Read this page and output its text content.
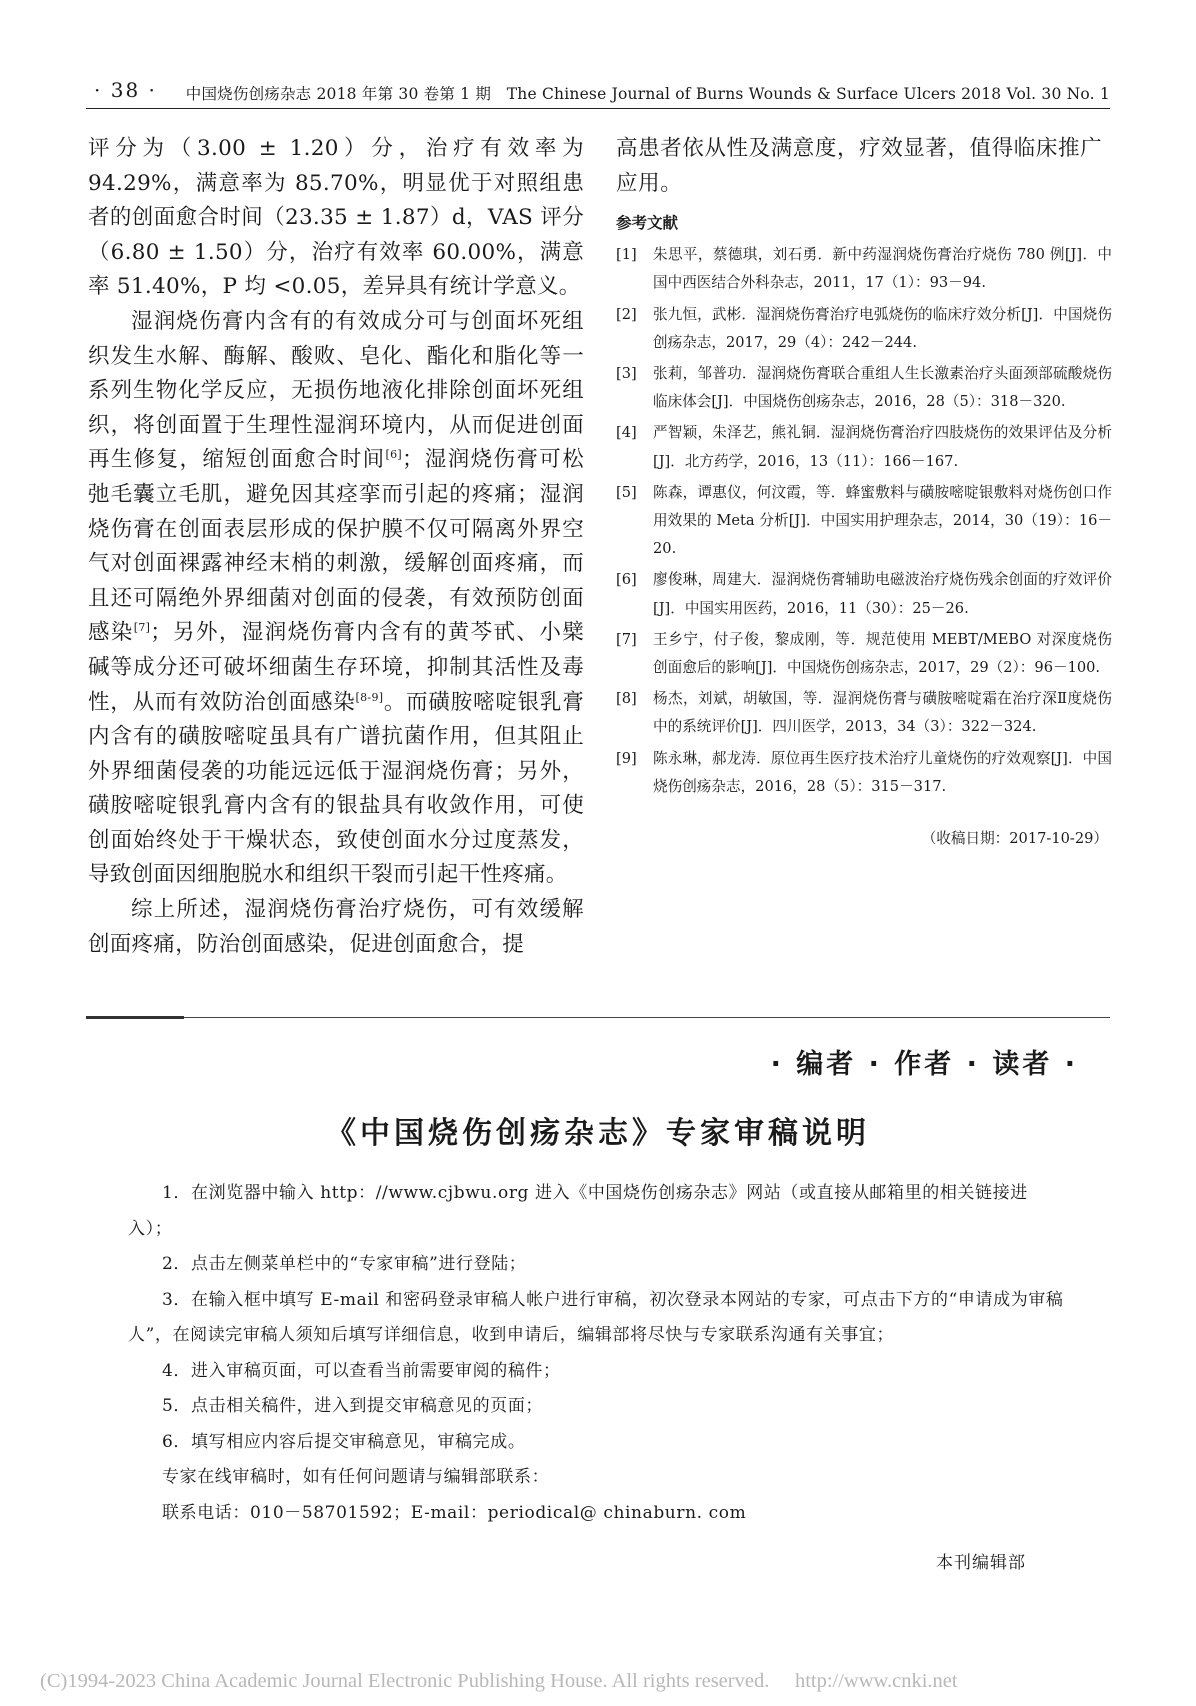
· 38 · 中国烧伤创疡杂志 2018 年第 30 卷第 1 期　The Chinese Journal of Burns Wounds & Surface Ulcers 2018 Vol. 30 No. 1

评分为（3.00 ± 1.20）分，治疗有效率为 94.29%，满意率为 85.70%，明显优于对照组患者的创面愈合时间（23.35 ± 1.87）d，VAS 评分（6.80 ± 1.50）分，治疗有效率 60.00%，满意率 51.40%，P 均 <0.05，差异具有统计学意义。

湿润烧伤膏内含有的有效成分可与创面坏死组织发生水解、酶解、酸败、皂化、酯化和脂化等一系列生物化学反应，无损伤地液化排除创面坏死组织，将创面置于生理性湿润环境内，从而促进创面再生修复，缩短创面愈合时间[6]；湿润烧伤膏可松弛毛囊立毛肌，避免因其痉挛而引起的疼痛；湿润烧伤膏在创面表层形成的保护膜不仅可隔离外界空气对创面裸露神经末梢的刺激，缓解创面疼痛，而且还可隔绝外界细菌对创面的侵袭，有效预防创面感染[7]；另外，湿润烧伤膏内含有的黄芩甙、小檗碱等成分还可破坏细菌生存环境，抑制其活性及毒性，从而有效防治创面感染[8-9]。而磺胺嘧啶银乳膏内含有的磺胺嘧啶虽具有广谱抗菌作用，但其阻止外界细菌侵袭的功能远远低于湿润烧伤膏；另外，磺胺嘧啶银乳膏内含有的银盐具有收敛作用，可使创面始终处于干燥状态，致使创面水分过度蒸发，导致创面因细胞脱水和组织干裂而引起干性疼痛。

综上所述，湿润烧伤膏治疗烧伤，可有效缓解创面疼痛，防治创面感染，促进创面愈合，提

高患者依从性及满意度，疗效显著，值得临床推广应用。

参考文献
[1] 朱思平，蔡德琪，刘石勇．新中药湿润烧伤膏治疗烧伤 780 例[J]．中国中西医结合外科杂志，2011，17（1）：93－94.
[2] 张九恒，武彬．湿润烧伤膏治疗电弧烧伤的临床疗效分析[J]．中国烧伤创疡杂志，2017，29（4）：242－244.
[3] 张莉，邹普功．湿润烧伤膏联合重组人生长激素治疗头面颈部硫酸烧伤临床体会[J]．中国烧伤创疡杂志，2016，28（5）：318－320.
[4] 严智颖，朱泽艺，熊礼铜．湿润烧伤膏治疗四肢烧伤的效果评估及分析[J]．北方药学，2016，13（11）：166－167.
[5] 陈森，谭惠仪，何汶霞，等．蜂蜜敷料与磺胺嘧啶银敷料对烧伤创口作用效果的 Meta 分析[J]．中国实用护理杂志，2014，30（19）：16－20.
[6] 廖俊琳，周建大．湿润烧伤膏辅助电磁波治疗烧伤残余创面的疗效评价[J]．中国实用医药，2016，11（30）：25－26.
[7] 王乡宁，付子俊，黎成刚，等．规范使用 MEBT/MEBO 对深度烧伤创面愈后的影响[J]．中国烧伤创疡杂志，2017，29（2）：96－100.
[8] 杨杰，刘斌，胡敏国，等．湿润烧伤膏与磺胺嘧啶霜在治疗深Ⅱ度烧伤中的系统评价[J]．四川医学，2013，34（3）：322－324.
[9] 陈永琳，郝龙涛．原位再生医疗技术治疗儿童烧伤的疗效观察[J]．中国烧伤创疡杂志，2016，28（5）：315－317.
（收稿日期：2017-10-29）
· 编者 · 作者 · 读者 ·
《中国烧伤创疡杂志》专家审稿说明

1．在浏览器中输入 http：//www.cjbwu.org 进入《中国烧伤创疡杂志》网站（或直接从邮箱里的相关链接进入）；

2．点击左侧菜单栏中的“专家审稿”进行登陆；

3．在输入框中填写 E-mail 和密码登录审稿人帐户进行审稿，初次登录本网站的专家，可点击下方的“申请成为审稿人”，在阅读完审稿人须知后填写详细信息，收到申请后，编辑部将尽快与专家联系沟通有关事宜；

4．进入审稿页面，可以查看当前需要审阅的稿件；

5．点击相关稿件，进入到提交审稿意见的页面；

6．填写相应内容后提交审稿意见，审稿完成。

专家在线审稿时，如有任何问题请与编辑部联系：

联系电话：010－58701592；E-mail：periodical@ chinaburn. com

本刊编辑部
(C)1994-2023 China Academic Journal Electronic Publishing House. All rights reserved.　 http://www.cnki.net
